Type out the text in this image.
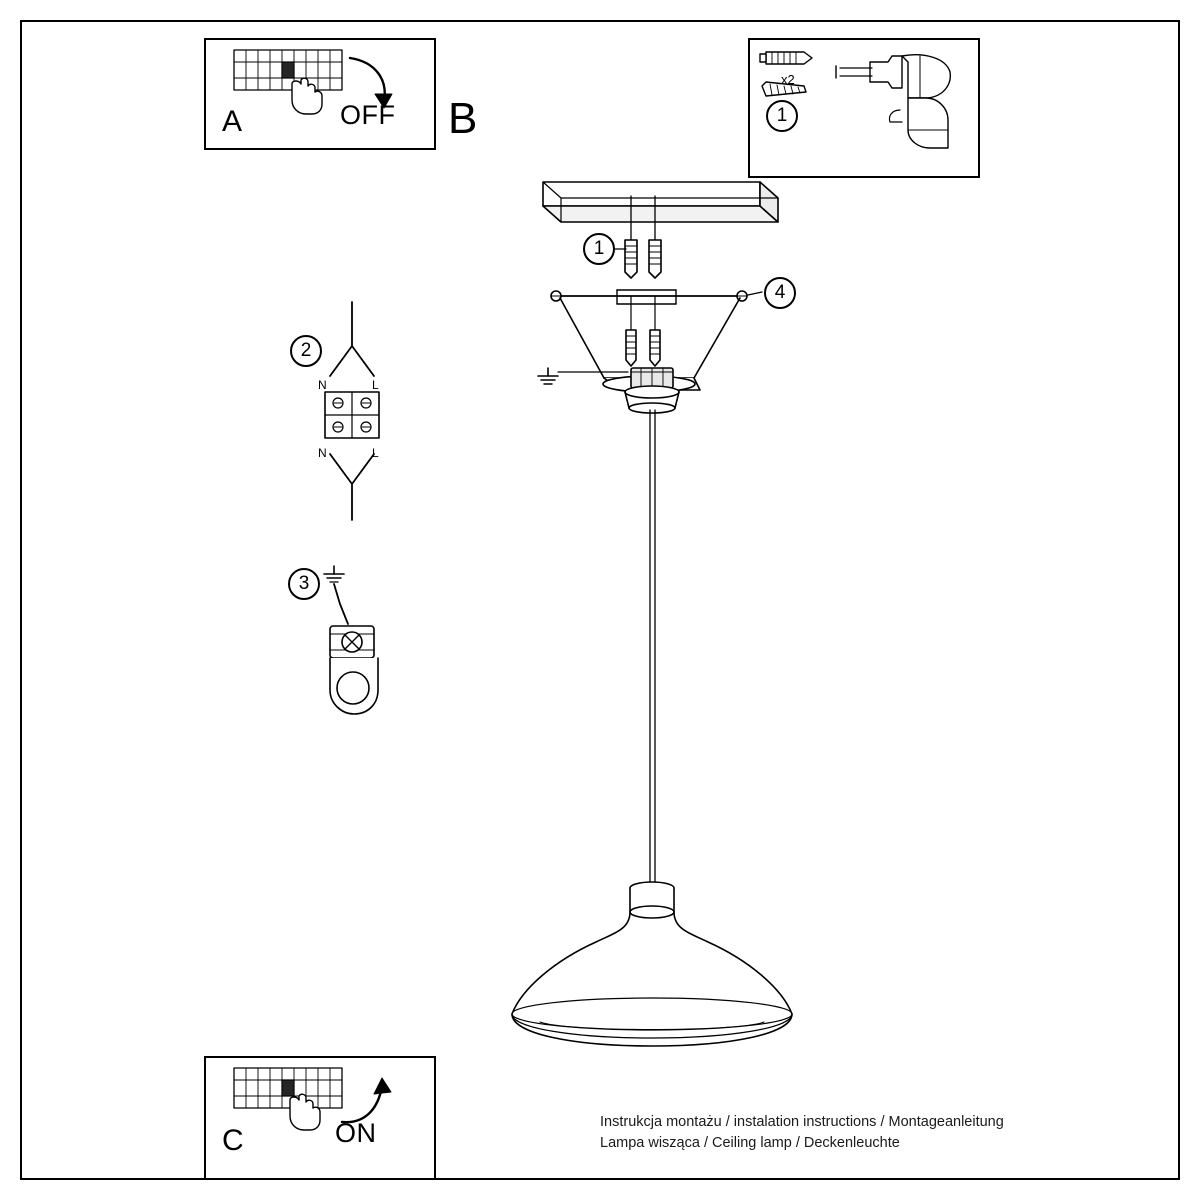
N	L
N	L
A	OFF
C	ON
x2
1
1
4
2
3
B
Instrukcja montażu / instalation instructions / Montageanleitung
Lampa wisząca / Ceiling lamp / Deckenleuchte
